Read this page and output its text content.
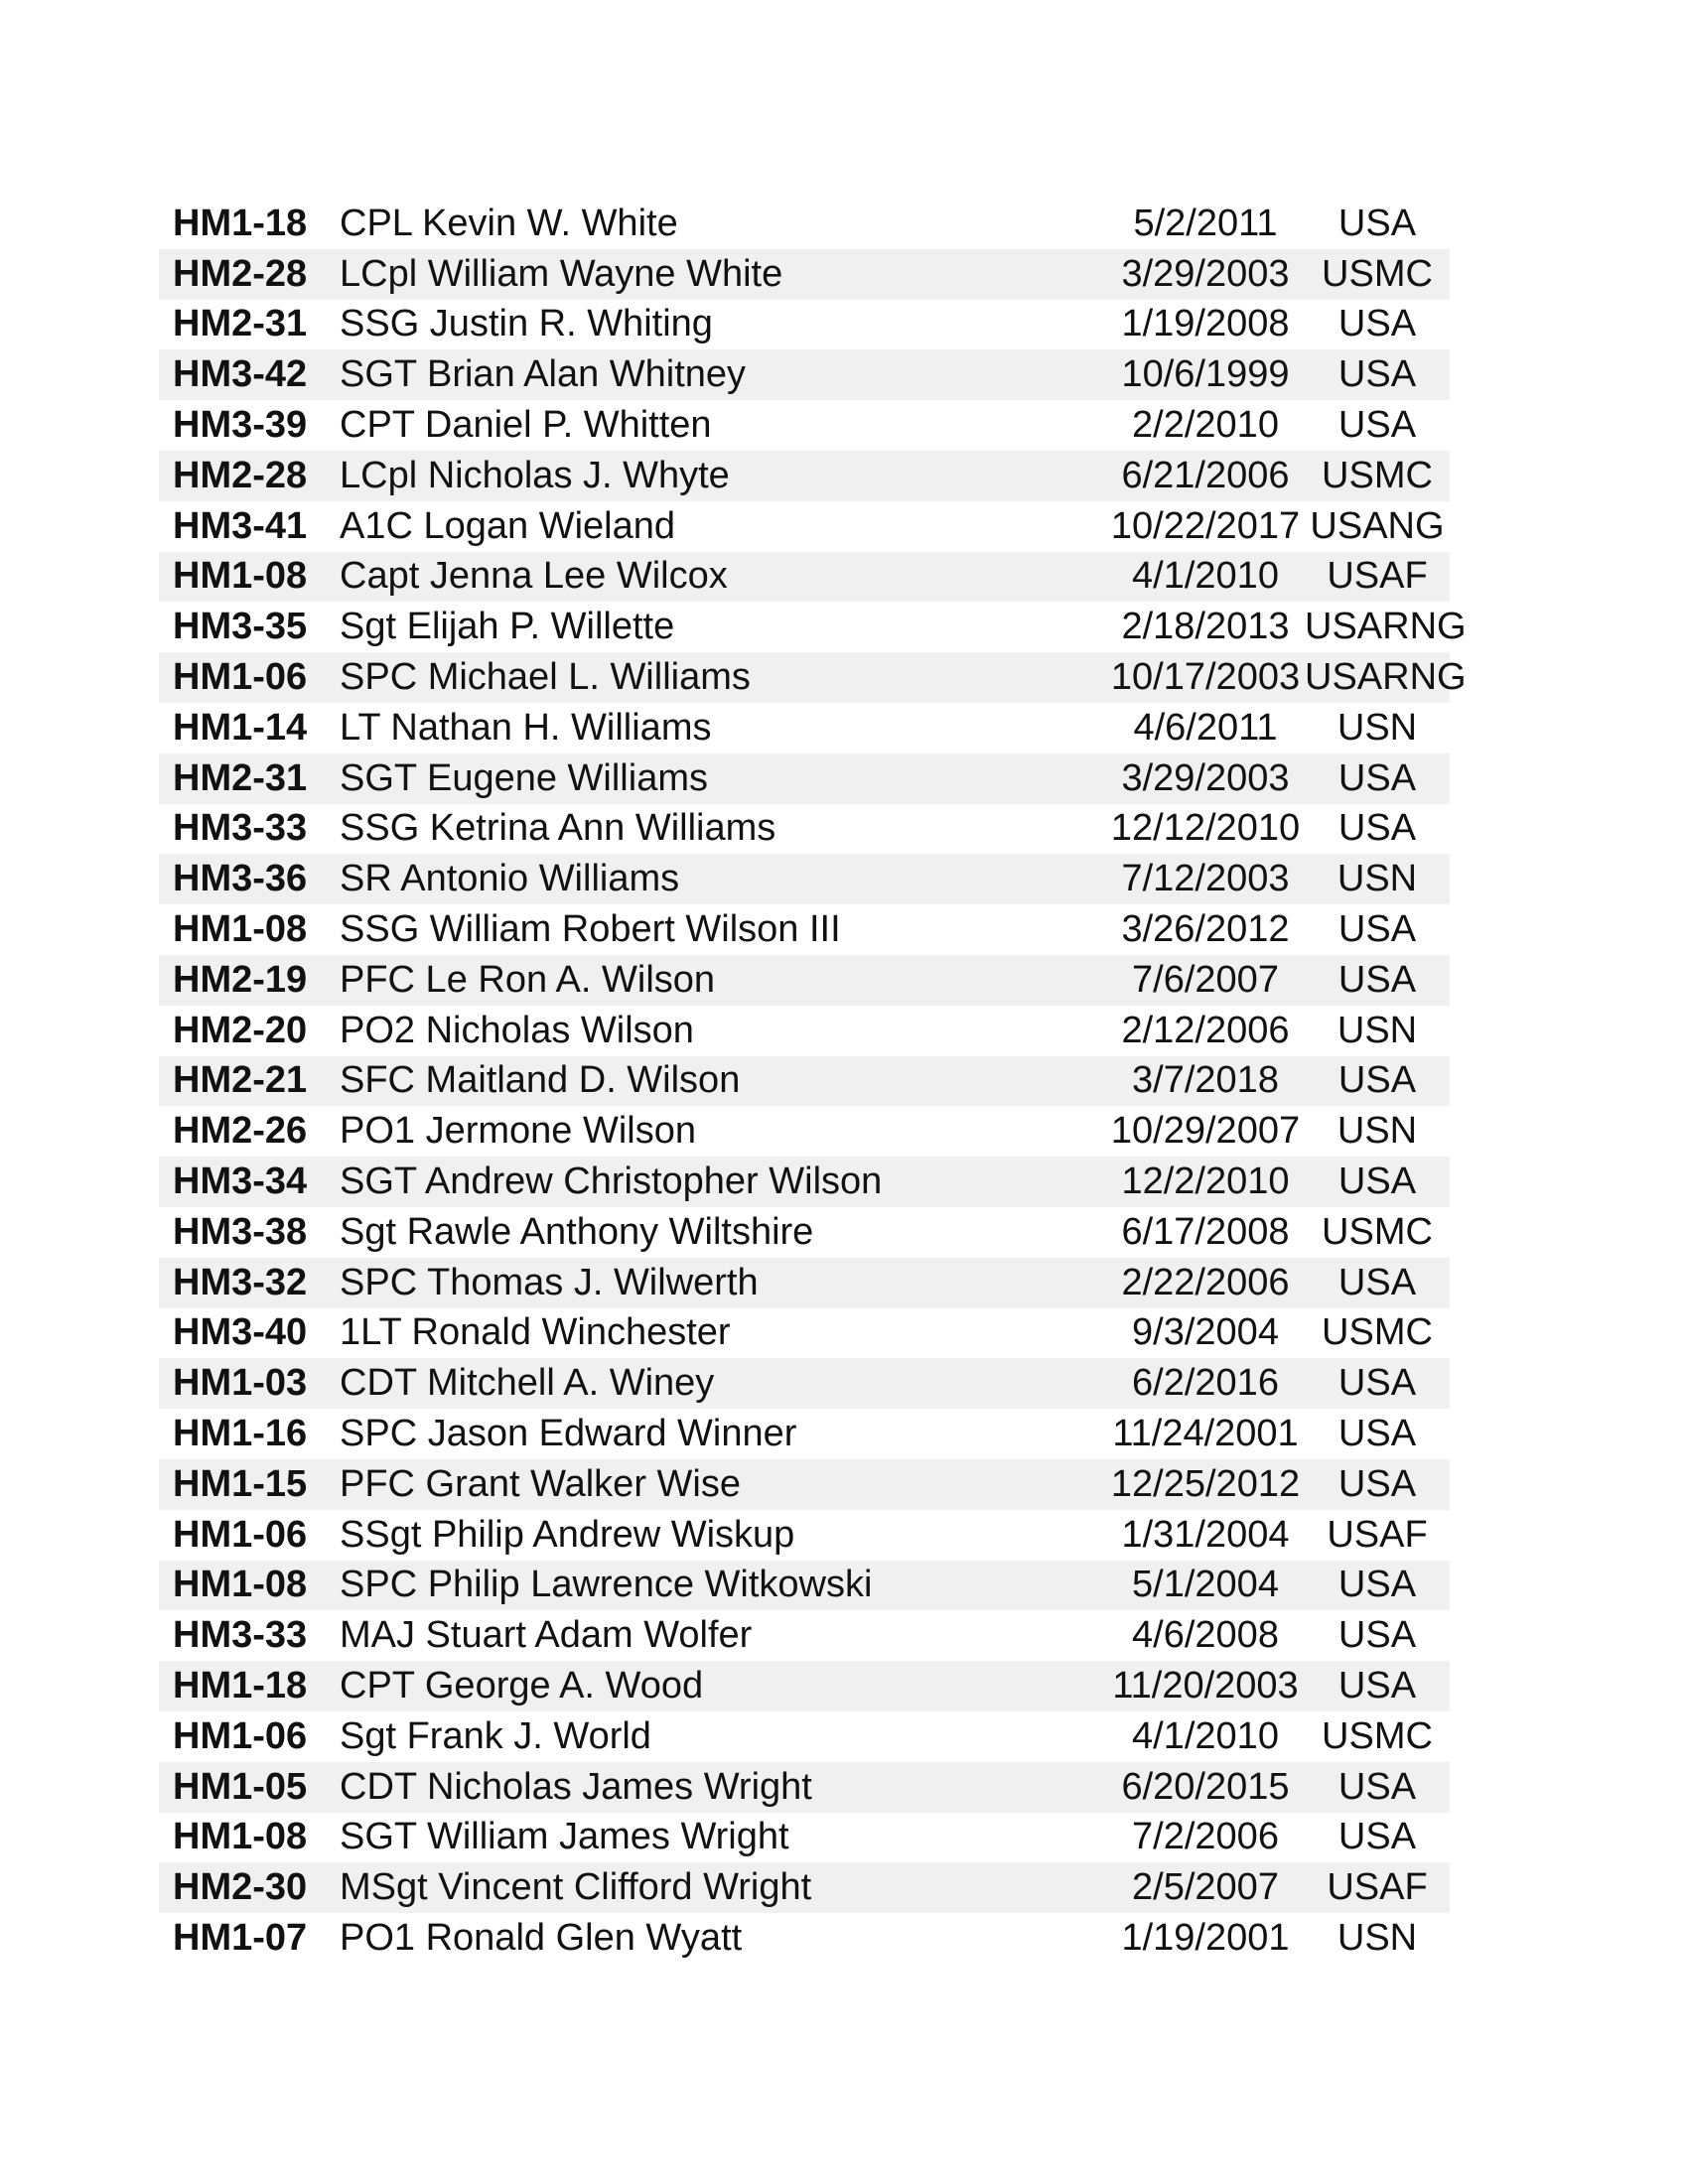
HM1-18 CPL Kevin W. White	5/2/2011	USA
HM2-28 LCpl William Wayne White	3/29/2003 USMC
HM2-31 SSG Justin R. Whiting	1/19/2008	USA
HM3-42 SGT Brian Alan Whitney	10/6/1999	USA
HM3-39 CPT Daniel P. Whitten	2/2/2010	USA
HM2-28 LCpl Nicholas J. Whyte	6/21/2006 USMC
HM3-41 A1C Logan Wieland	10/22/2017 USANG
HM1-08 Capt Jenna Lee Wilcox	4/1/2010	USAF
HM3-35 Sgt Elijah P. Willette	2/18/2013 USARNG
HM1-06 SPC Michael L. Williams	10/17/2003 USARNG
HM1-14 LT Nathan H. Williams	4/6/2011	USN
HM2-31 SGT Eugene Williams	3/29/2003	USA
HM3-33 SSG Ketrina Ann Williams	12/12/2010	USA
HM3-36 SR Antonio Williams	7/12/2003	USN
HM1-08 SSG William Robert Wilson III	3/26/2012	USA
HM2-19 PFC Le Ron A. Wilson	7/6/2007	USA
HM2-20 PO2 Nicholas Wilson	2/12/2006	USN
HM2-21 SFC Maitland D. Wilson	3/7/2018	USA
HM2-26 PO1 Jermone Wilson	10/29/2007 USN
HM3-34 SGT Andrew Christopher Wilson	12/2/2010	USA
HM3-38 Sgt Rawle Anthony Wiltshire	6/17/2008 USMC
HM3-32 SPC Thomas J. Wilwerth	2/22/2006	USA
HM3-40 1LT Ronald Winchester	9/3/2004	USMC
HM1-03 CDT Mitchell A. Winey	6/2/2016	USA
HM1-16 SPC Jason Edward Winner	11/24/2001	USA
HM1-15 PFC Grant Walker Wise	12/25/2012	USA
HM1-06 SSgt Philip Andrew Wiskup	1/31/2004 USAF
HM1-08 SPC Philip Lawrence Witkowski	5/1/2004	USA
HM3-33 MAJ Stuart Adam Wolfer	4/6/2008	USA
HM1-18 CPT George A. Wood	11/20/2003	USA
HM1-06 Sgt Frank J. World	4/1/2010	USMC
HM1-05 CDT Nicholas James Wright	6/20/2015	USA
HM1-08 SGT William James Wright	7/2/2006	USA
HM2-30 MSgt Vincent Clifford Wright	2/5/2007	USAF
HM1-07 PO1 Ronald Glen Wyatt	1/19/2001	USN
